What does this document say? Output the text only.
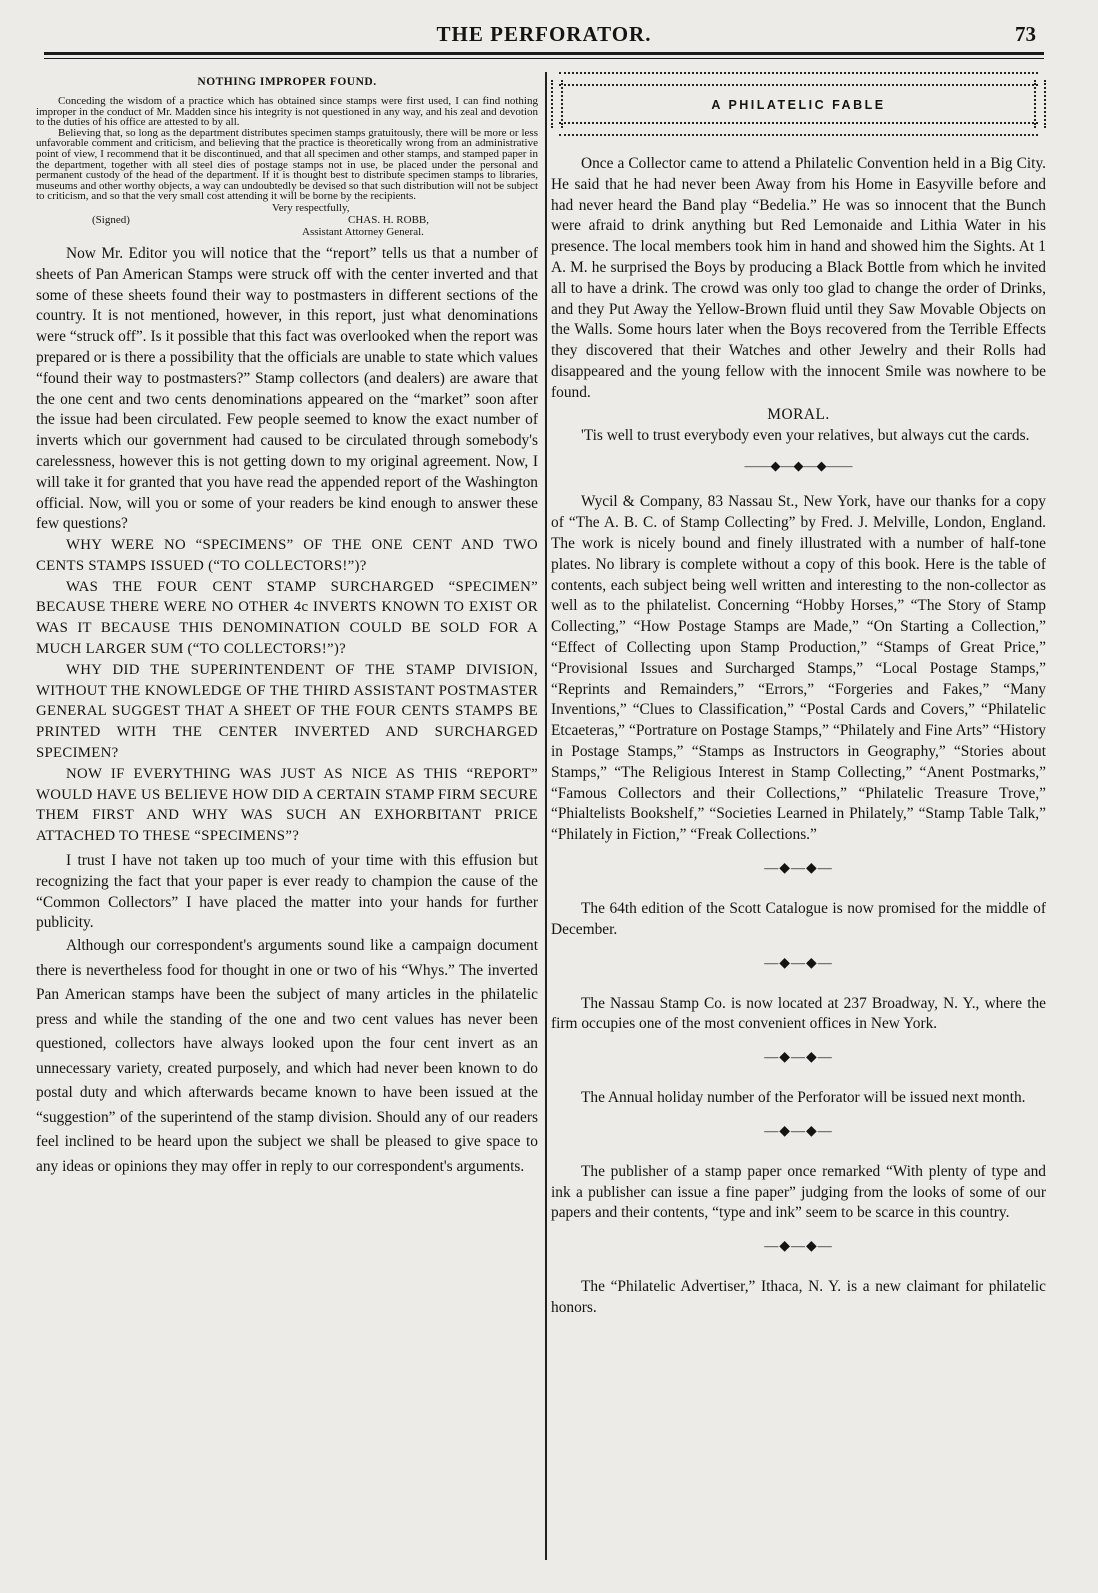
THE PERFORATOR.	73
NOTHING IMPROPER FOUND.

Conceding the wisdom of a practice which has obtained since stamps were first used, I can find nothing improper in the conduct of Mr. Madden since his integrity is not questioned in any way, and his zeal and devotion to the duties of his office are attested to by all.

Believing that, so long as the department distributes specimen stamps gratuitously, there will be more or less unfavorable comment and criticism, and believing that the practice is theoretically wrong from an administrative point of view, I recommend that it be discontinued, and that all specimen and other stamps, and stamped paper in the department, together with all steel dies of postage stamps not in use, be placed under the personal and permanent custody of the head of the department. If it is thought best to distribute specimen stamps to libraries, museums and other worthy objects, a way can undoubtedly be devised so that such distribution will not be subject to criticism, and so that the very small cost attending it will be borne by the recipients.

Very respectfully,
(Signed)	CHAS. H. ROBB,
Assistant Attorney General.

Now Mr. Editor you will notice that the “report” tells us that a number of sheets of Pan American Stamps were struck off with the center inverted and that some of these sheets found their way to postmasters in different sections of the country. It is not mentioned, however, in this report, just what denominations were “struck off”. Is it possible that this fact was overlooked when the report was prepared or is there a possibility that the officials are unable to state which values “found their way to postmasters?” Stamp collectors (and dealers) are aware that the one cent and two cents denominations appeared on the “market” soon after the issue had been circulated. Few people seemed to know the exact number of inverts which our government had caused to be circulated through somebody's carelessness, however this is not getting down to my original agreement. Now, I will take it for granted that you have read the appended report of the Washington official. Now, will you or some of your readers be kind enough to answer these few questions?

WHY WERE NO “SPECIMENS” OF THE ONE CENT AND TWO CENTS STAMPS ISSUED (“TO COLLECTORS!”)?

WAS THE FOUR CENT STAMP SURCHARGED “SPECIMEN” BECAUSE THERE WERE NO OTHER 4c INVERTS KNOWN TO EXIST OR WAS IT BECAUSE THIS DENOMINATION COULD BE SOLD FOR A MUCH LARGER SUM (“TO COLLECTORS!”)?

WHY DID THE SUPERINTENDENT OF THE STAMP DIVISION, WITHOUT THE KNOWLEDGE OF THE THIRD ASSISTANT POSTMASTER GENERAL SUGGEST THAT A SHEET OF THE FOUR CENTS STAMPS BE PRINTED WITH THE CENTER INVERTED AND SURCHARGED SPECIMEN?

NOW IF EVERYTHING WAS JUST AS NICE AS THIS “REPORT” WOULD HAVE US BELIEVE HOW DID A CERTAIN STAMP FIRM SECURE THEM FIRST AND WHY WAS SUCH AN EXHORBITANT PRICE ATTACHED TO THESE “SPECIMENS”?

I trust I have not taken up too much of your time with this effusion but recognizing the fact that your paper is ever ready to champion the cause of the “Common Collectors” I have placed the matter into your hands for further publicity.

Although our correspondent's arguments sound like a campaign document there is nevertheless food for thought in one or two of his “Whys.” The inverted Pan American stamps have been the subject of many articles in the philatelic press and while the standing of the one and two cent values has never been questioned, collectors have always looked upon the four cent invert as an unnecessary variety, created purposely, and which had never been known to do postal duty and which afterwards became known to have been issued at the “suggestion” of the superintend of the stamp division. Should any of our readers feel inclined to be heard upon the subject we shall be pleased to give space to any ideas or opinions they may offer in reply to our correspondent's arguments.

A PHILATELIC FABLE

Once a Collector came to attend a Philatelic Convention held in a Big City. He said that he had never been Away from his Home in Easyville before and had never heard the Band play “Bedelia.” He was so innocent that the Bunch were afraid to drink anything but Red Lemonaide and Lithia Water in his presence. The local members took him in hand and showed him the Sights. At 1 A. M. he surprised the Boys by producing a Black Bottle from which he invited all to have a drink. The crowd was only too glad to change the order of Drinks, and they Put Away the Yellow-Brown fluid until they Saw Movable Objects on the Walls. Some hours later when the Boys recovered from the Terrible Effects they discovered that their Watches and other Jewelry and their Rolls had disappeared and the young fellow with the innocent Smile was nowhere to be found.

MORAL.

'Tis well to trust everybody even your relatives, but always cut the cards.

——◆—◆—◆——

Wycil & Company, 83 Nassau St., New York, have our thanks for a copy of “The A. B. C. of Stamp Collecting” by Fred. J. Melville, London, England. The work is nicely bound and finely illustrated with a number of half-tone plates. No library is complete without a copy of this book. Here is the table of contents, each subject being well written and interesting to the non-collector as well as to the philatelist. Concerning “Hobby Horses,” “The Story of Stamp Collecting,” “How Postage Stamps are Made,” “On Starting a Collection,” “Effect of Collecting upon Stamp Production,” “Stamps of Great Price,” “Provisional Issues and Surcharged Stamps,” “Local Postage Stamps,” “Reprints and Remainders,” “Errors,” “Forgeries and Fakes,” “Many Inventions,” “Clues to Classification,” “Postal Cards and Covers,” “Philatelic Etcaeteras,” “Portrature on Postage Stamps,” “Philately and Fine Arts” “History in Postage Stamps,” “Stamps as Instructors in Geography,” “Stories about Stamps,” “The Religious Interest in Stamp Collecting,” “Anent Postmarks,” “Famous Collectors and their Collections,” “Philatelic Treasure Trove,” “Phialtelists Bookshelf,” “Societies Learned in Philately,” “Stamp Table Talk,” “Philately in Fiction,” “Freak Collections.”

—◆—◆—

The 64th edition of the Scott Catalogue is now promised for the middle of December.

—◆—◆—

The Nassau Stamp Co. is now located at 237 Broadway, N. Y., where the firm occupies one of the most convenient offices in New York.

—◆—◆—

The Annual holiday number of the Perforator will be issued next month.

—◆—◆—

The publisher of a stamp paper once remarked “With plenty of type and ink a publisher can issue a fine paper” judging from the looks of some of our papers and their contents, “type and ink” seem to be scarce in this country.

—◆—◆—

The “Philatelic Advertiser,” Ithaca, N. Y. is a new claimant for philatelic honors.
